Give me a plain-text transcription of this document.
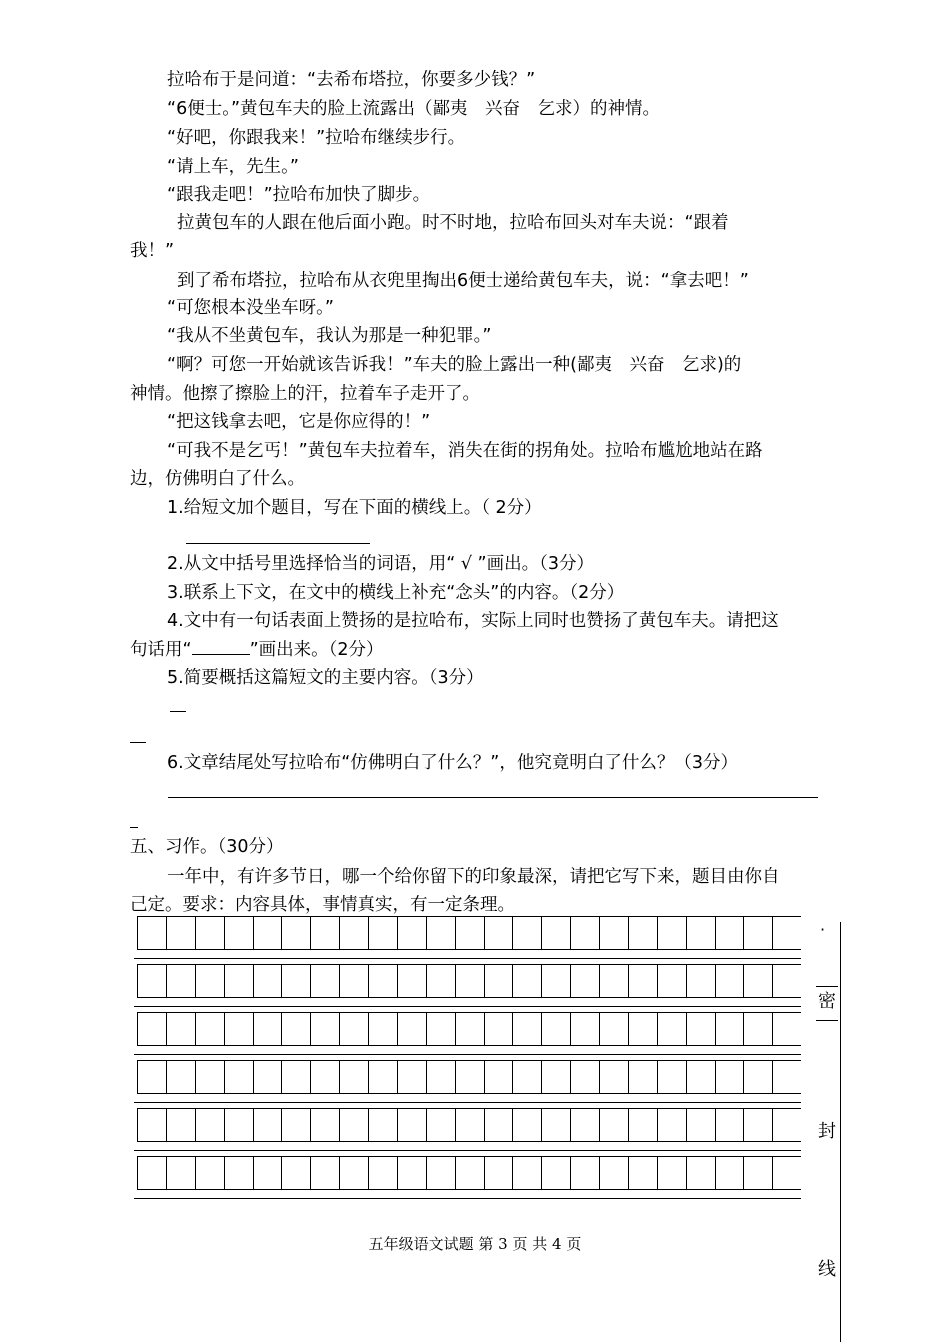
拉哈布于是问道：“去希布塔拉，你要多少钱？”
“6便士。”黄包车夫的脸上流露出（鄙夷　兴奋　乞求）的神情。
“好吧，你跟我来！”拉哈布继续步行。
“请上车，先生。”
“跟我走吧！”拉哈布加快了脚步。
拉黄包车的人跟在他后面小跑。时不时地，拉哈布回头对车夫说：“跟着
我！”
到了希布塔拉，拉哈布从衣兜里掏出6便士递给黄包车夫，说：“拿去吧！”
“可您根本没坐车呀。”
“我从不坐黄包车，我认为那是一种犯罪。”
“啊？可您一开始就该告诉我！”车夫的脸上露出一种(鄙夷　兴奋　乞求)的
神情。他擦了擦脸上的汗，拉着车子走开了。
“把这钱拿去吧，它是你应得的！”
“可我不是乞丐！”黄包车夫拉着车，消失在街的拐角处。拉哈布尴尬地站在路
边，仿佛明白了什么。
1.给短文加个题目，写在下面的横线上。（ 2分）
2.从文中括号里选择恰当的词语，用“ √ ”画出。（3分）
3.联系上下文，在文中的横线上补充“念头”的内容。（2分）
4.文中有一句话表面上赞扬的是拉哈布，实际上同时也赞扬了黄包车夫。请把这
句话用“	”画出来。（2分）
5.简要概括这篇短文的主要内容。（3分）
6.文章结尾处写拉哈布“仿佛明白了什么？”，他究竟明白了什么？（3分）
五、习作。（30分）
一年中，有许多节日，哪一个给你留下的印象最深，请把它写下来，题目由你自
己定。要求：内容具体，事情真实，有一定条理。
·
密
封
线
五年级语文试题 第 3 页 共 4 页
